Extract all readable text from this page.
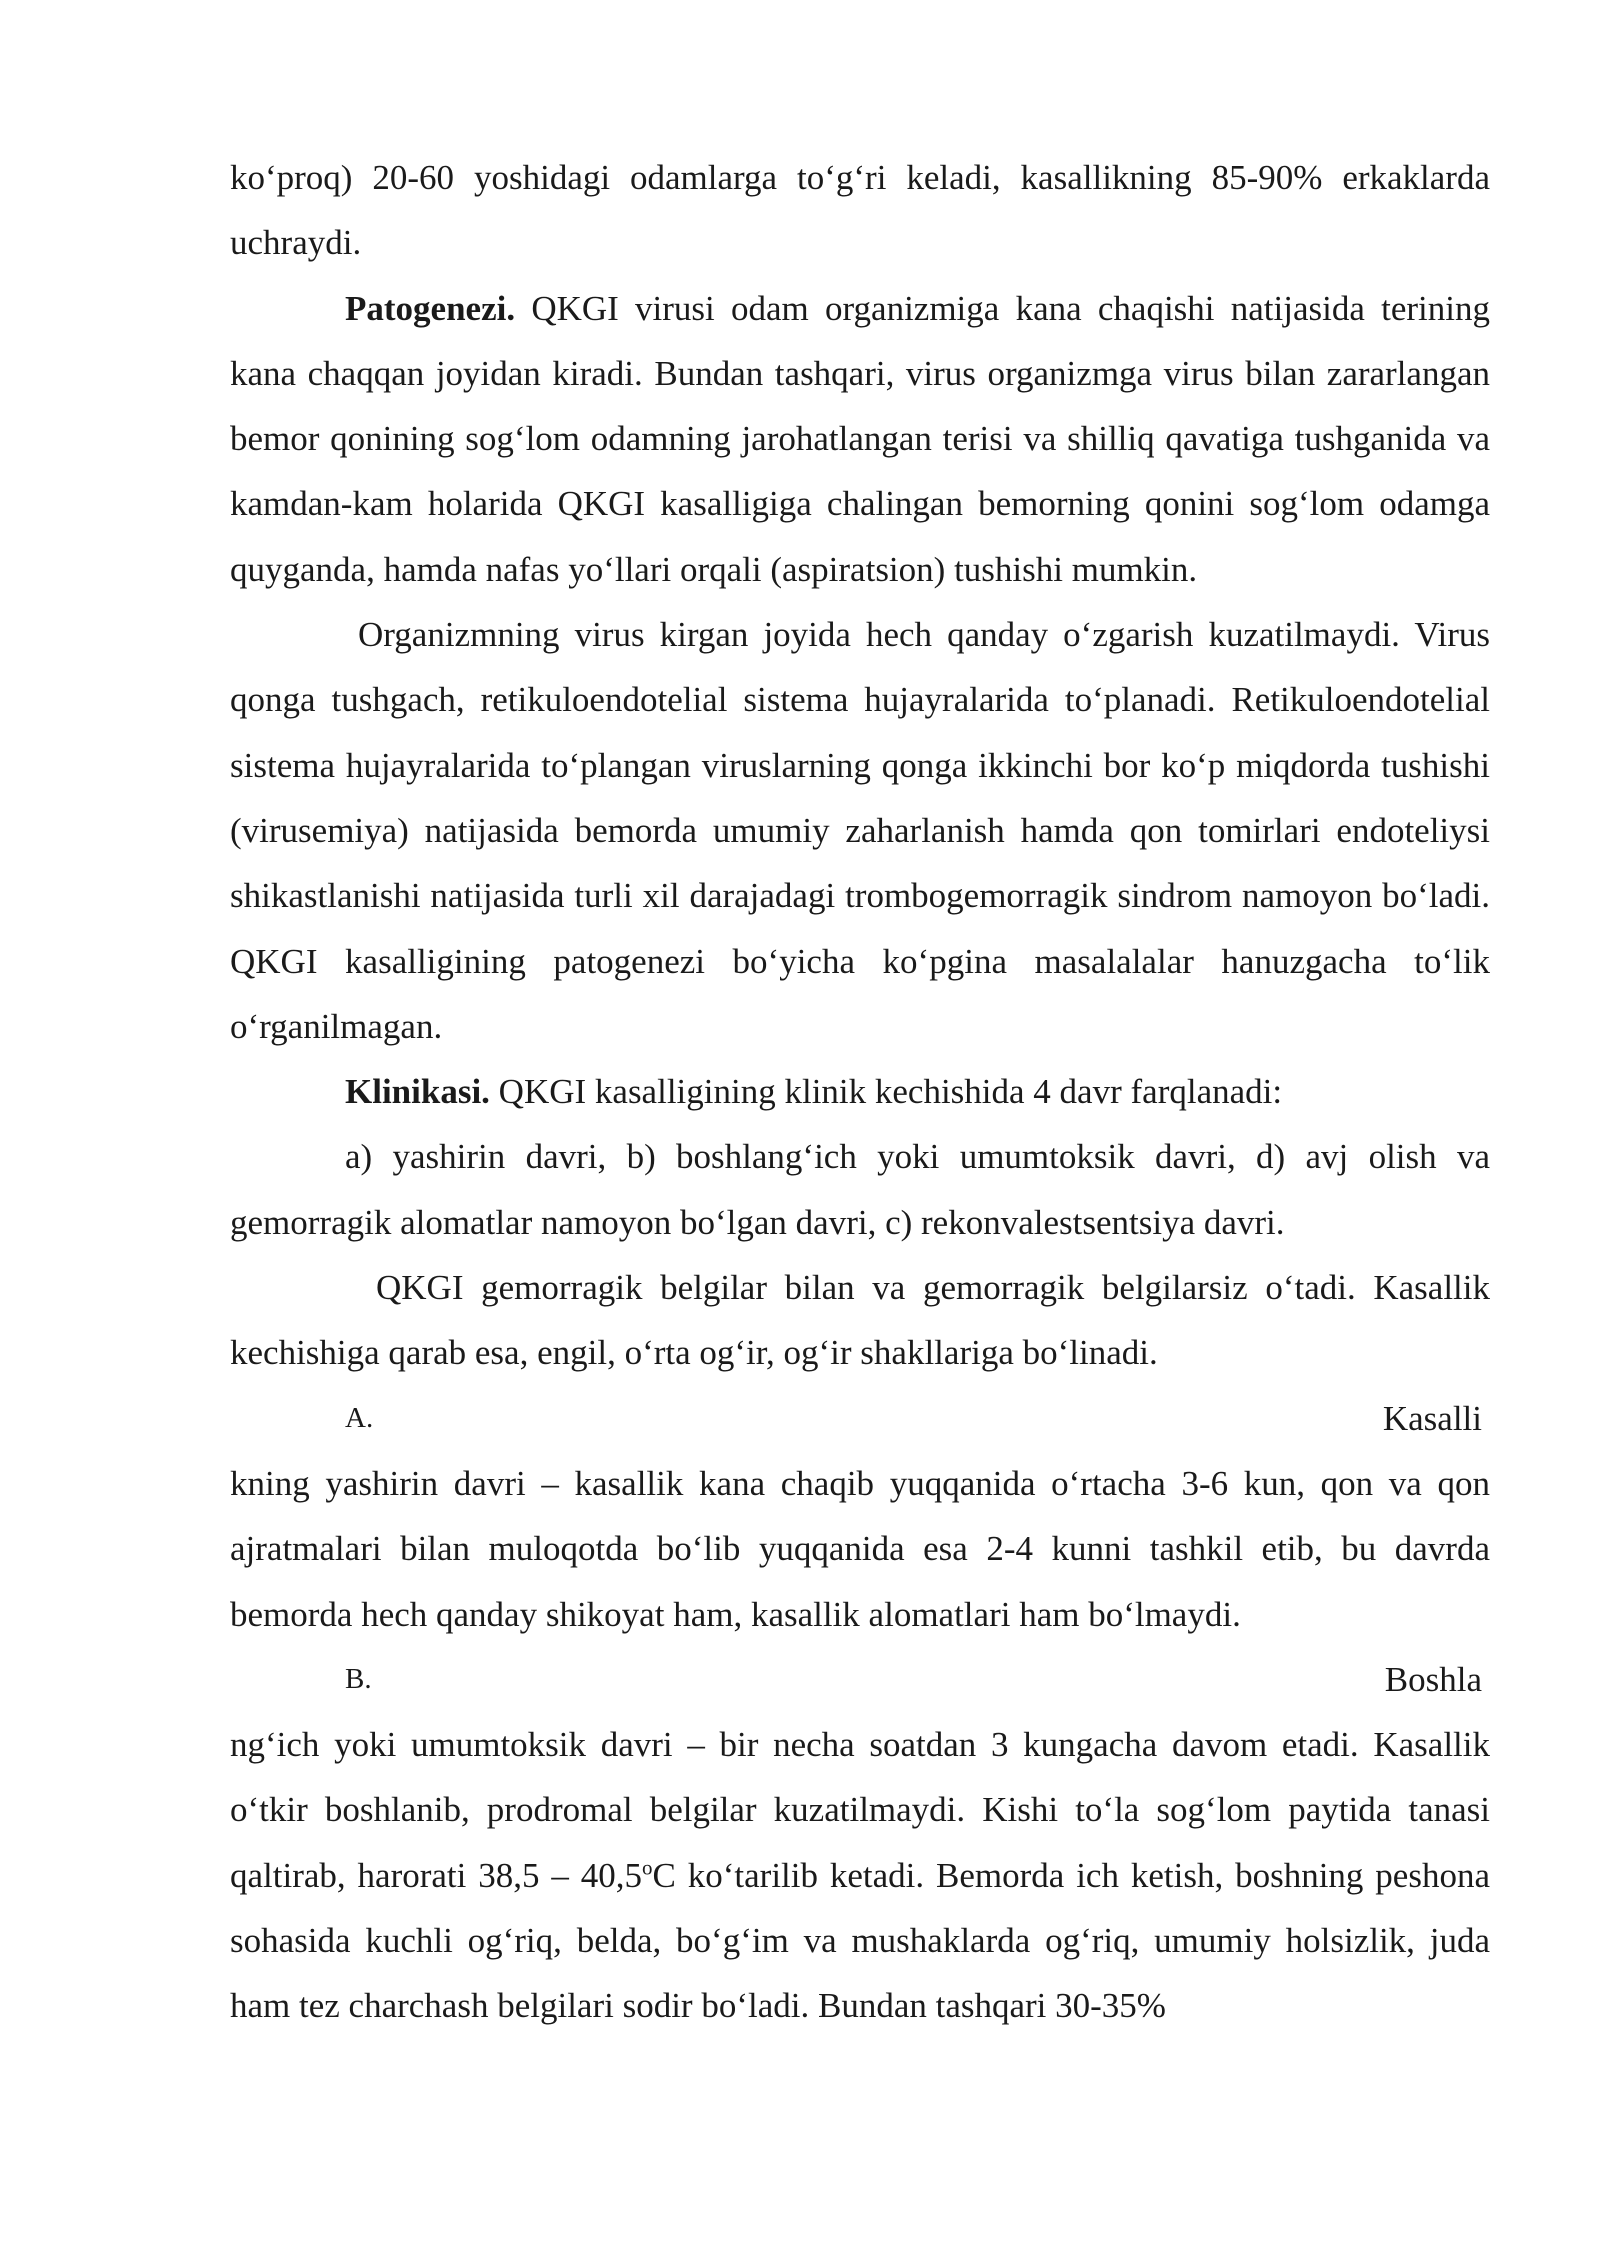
ko‘proq) 20-60 yoshidagi odamlarga to‘g‘ri keladi, kasallikning 85-90% erkaklarda uchraydi.

Patogenezi. QKGI virusi odam organizmiga kana chaqishi natijasida terining kana chaqqan joyidan kiradi. Bundan tashqari, virus organizmga virus bilan zararlangan bemor qonining sog‘lom odamning jarohatlangan terisi va shilliq qavatiga tushganida va kamdan-kam holarida QKGI kasalligiga chalingan bemorning qonini sog‘lom odamga quyganda, hamda nafas yo‘llari orqali (aspiratsion) tushishi mumkin.

Organizmning virus kirgan joyida hech qanday o‘zgarish kuzatilmaydi. Virus qonga tushgach, retikuloendotelial sistema hujayralarida to‘planadi. Retikuloendotelial sistema hujayralarida to‘plangan viruslarning qonga ikkinchi bor ko‘p miqdorda tushishi (virusemiya) natijasida bemorda umumiy zaharlanish hamda qon tomirlari endoteliysi shikastlanishi natijasida turli xil darajadagi trombogemorragik sindrom namoyon bo‘ladi. QKGI kasalligining patogenezi bo‘yicha ko‘pgina masalalalar hanuzgacha to‘lik o‘rganilmagan.

Klinikasi. QKGI kasalligining klinik kechishida 4 davr farqlanadi:

a) yashirin davri, b) boshlang‘ich yoki umumtoksik davri, d) avj olish va gemorragik alomatlar namoyon bo‘lgan davri, c) rekonvalestsentsiya davri.

QKGI gemorragik belgilar bilan va gemorragik belgilarsiz o‘tadi. Kasallik kechishiga qarab esa, engil, o‘rta og‘ir, og‘ir shakllariga bo‘linadi.

A.	Kasalli

kning yashirin davri – kasallik kana chaqib yuqqanida o‘rtacha 3-6 kun, qon va qon ajratmalari bilan muloqotda bo‘lib yuqqanida esa 2-4 kunni tashkil etib, bu davrda bemorda hech qanday shikoyat ham, kasallik alomatlari ham bo‘lmaydi.

B.	Boshla

ng‘ich yoki umumtoksik davri – bir necha soatdan 3 kungacha davom etadi. Kasallik o‘tkir boshlanib, prodromal belgilar kuzatilmaydi. Kishi to‘la sog‘lom paytida tanasi qaltirab, harorati 38,5 – 40,5$^o$C ko‘tarilib ketadi. Bemorda ich ketish, boshning peshona sohasida kuchli og‘riq, belda, bo‘g‘im va mushaklarda og‘riq, umumiy holsizlik, juda ham tez charchash belgilari sodir bo‘ladi. Bundan tashqari 30-35%
